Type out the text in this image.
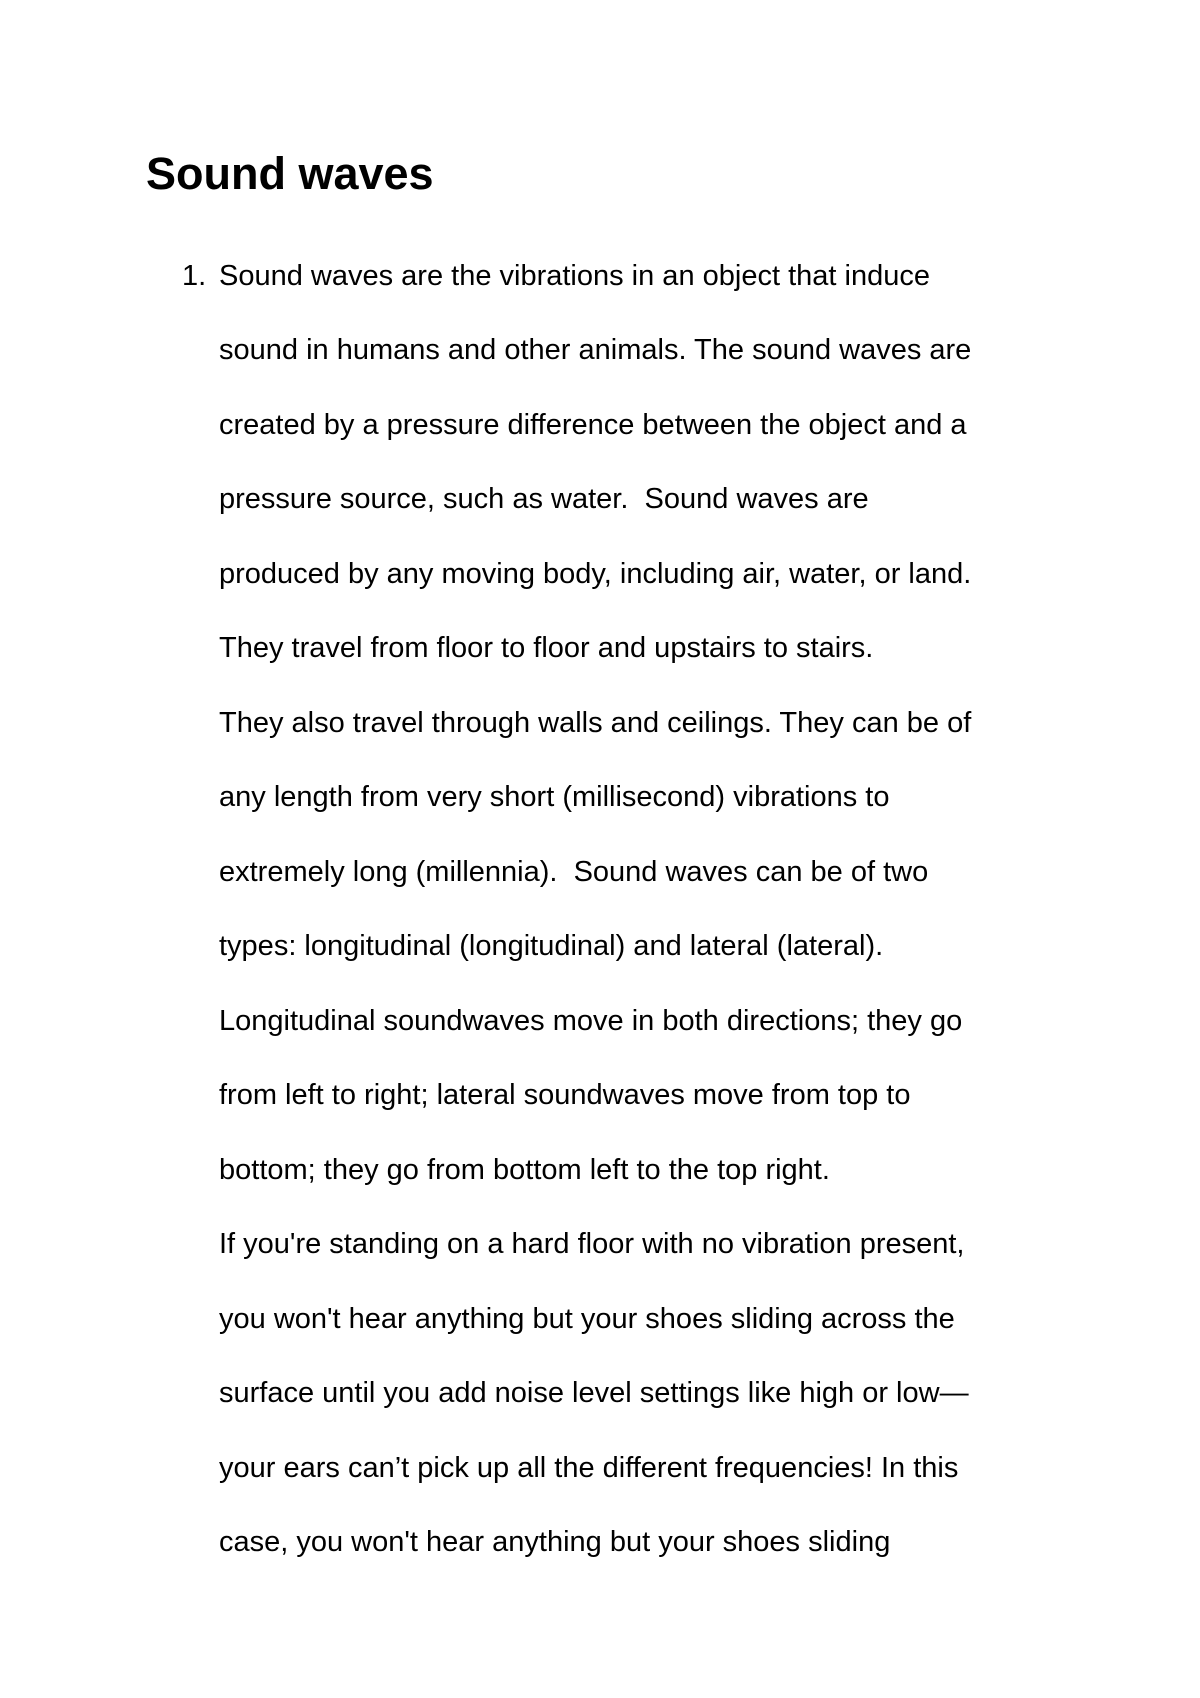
Sound waves
1. Sound waves are the vibrations in an object that induce
sound in humans and other animals. The sound waves are
created by a pressure difference between the object and a
pressure source, such as water.  Sound waves are
produced by any moving body, including air, water, or land.
They travel from floor to floor and upstairs to stairs.
They also travel through walls and ceilings. They can be of
any length from very short (millisecond) vibrations to
extremely long (millennia).  Sound waves can be of two
types: longitudinal (longitudinal) and lateral (lateral).
Longitudinal soundwaves move in both directions; they go
from left to right; lateral soundwaves move from top to
bottom; they go from bottom left to the top right.
If you're standing on a hard floor with no vibration present,
you won't hear anything but your shoes sliding across the
surface until you add noise level settings like high or low—
your ears can’t pick up all the different frequencies! In this
case, you won't hear anything but your shoes sliding
